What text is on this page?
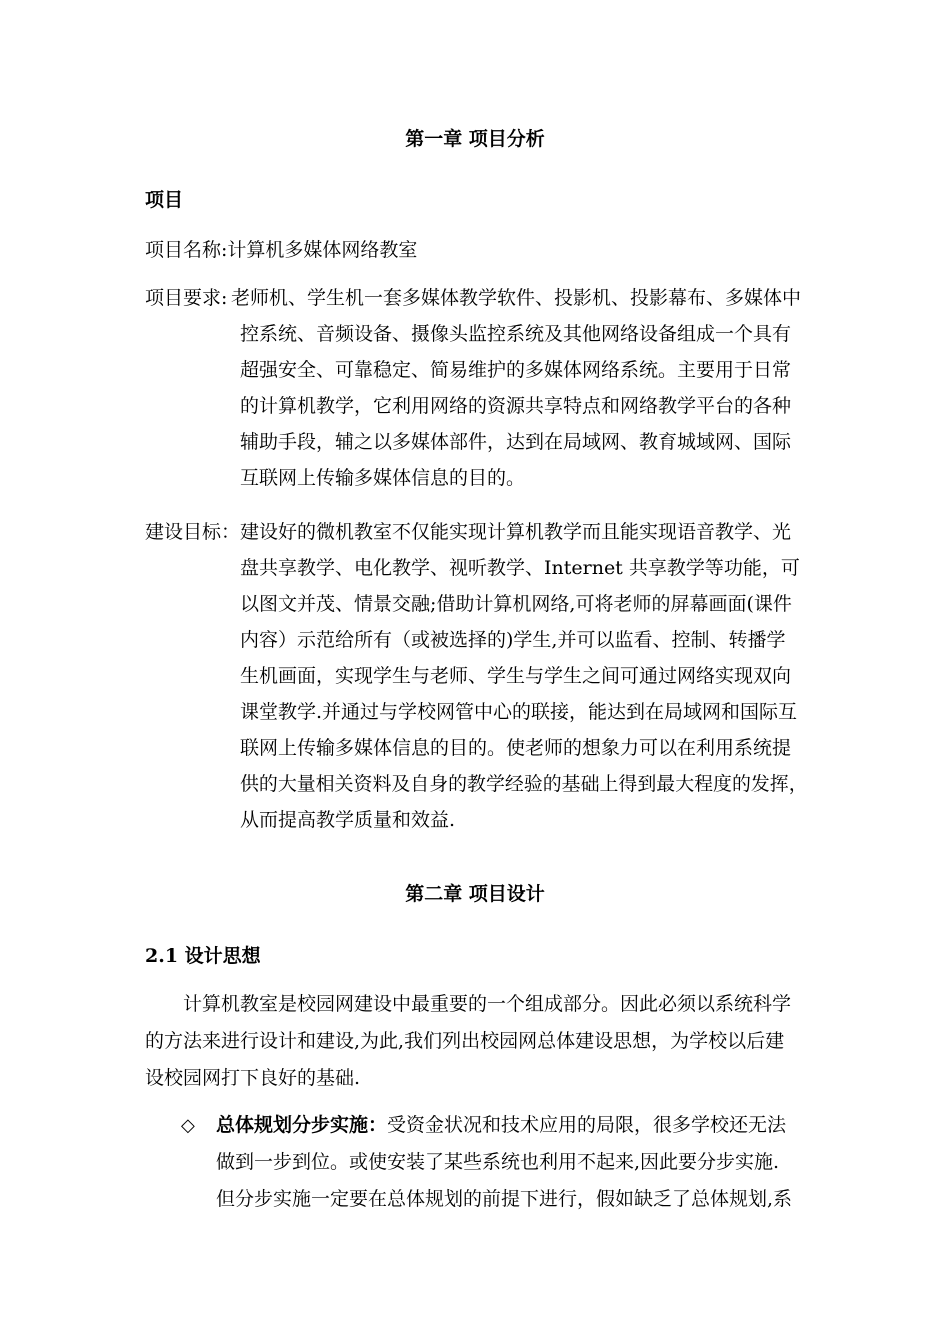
第一章 项目分析
项目
项目名称:计算机多媒体网络教室
项目要求: 老师机、学生机一套多媒体教学软件、投影机、投影幕布、多媒体中
控系统、音频设备、摄像头监控系统及其他网络设备组成一个具有
超强安全、可靠稳定、简易维护的多媒体网络系统。主要用于日常
的计算机教学，它利用网络的资源共享特点和网络教学平台的各种
辅助手段，辅之以多媒体部件，达到在局域网、教育城域网、国际
互联网上传输多媒体信息的目的。
建设目标： 建设好的微机教室不仅能实现计算机教学而且能实现语音教学、光
盘共享教学、电化教学、视听教学、Internet 共享教学等功能，可
以图文并茂、情景交融;借助计算机网络,可将老师的屏幕画面(课件
内容）示范给所有（或被选择的)学生,并可以监看、控制、转播学
生机画面，实现学生与老师、学生与学生之间可通过网络实现双向
课堂教学.并通过与学校网管中心的联接，能达到在局域网和国际互
联网上传输多媒体信息的目的。使老师的想象力可以在利用系统提
供的大量相关资料及自身的教学经验的基础上得到最大程度的发挥，
从而提高教学质量和效益.
第二章 项目设计
2.1 设计思想
计算机教室是校园网建设中最重要的一个组成部分。因此必须以系统科学
的方法来进行设计和建设,为此,我们列出校园网总体建设思想，为学校以后建
设校园网打下良好的基础.
◇ 总体规划分步实施：受资金状况和技术应用的局限，很多学校还无法
做到一步到位。或使安装了某些系统也利用不起来,因此要分步实施.
但分步实施一定要在总体规划的前提下进行，假如缺乏了总体规划,系
